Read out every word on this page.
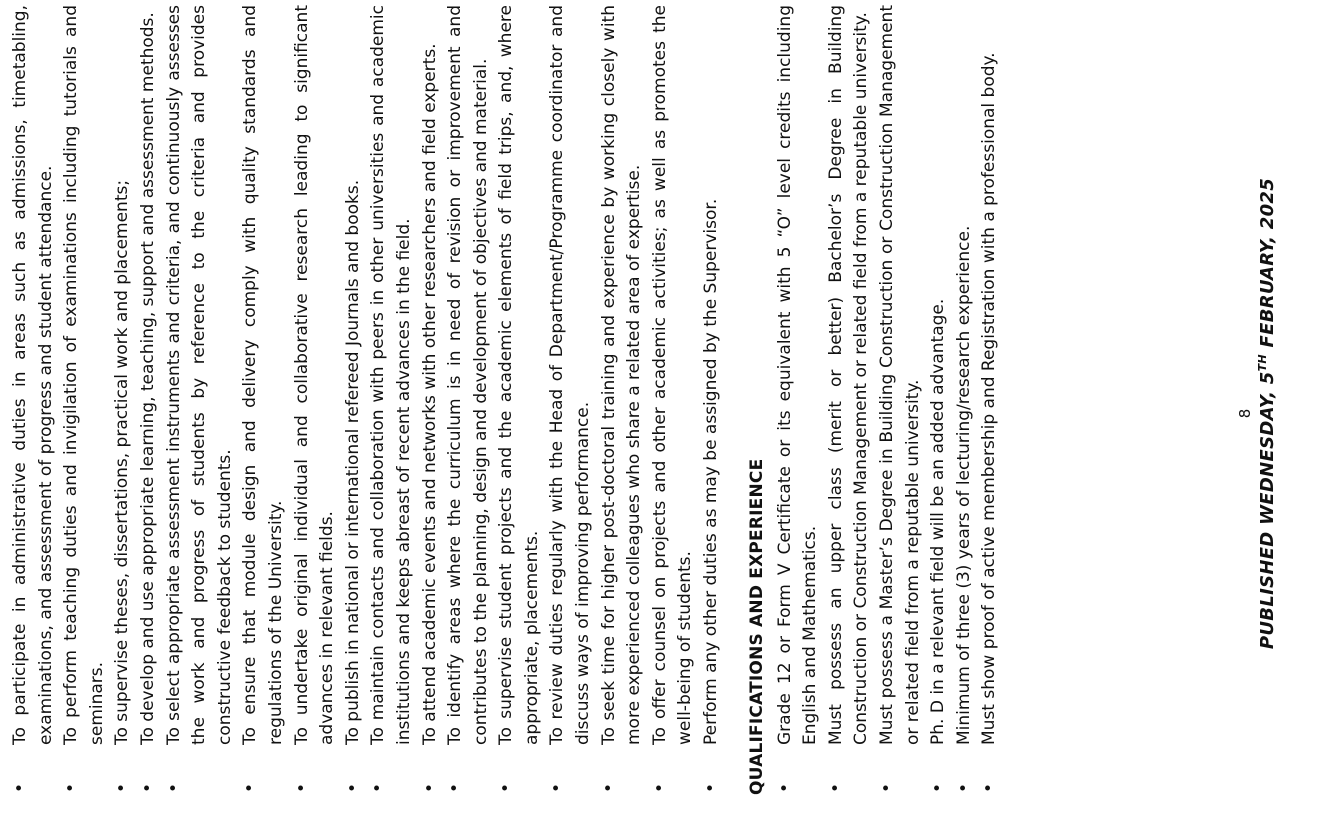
• To participate in administrative duties in areas such as admissions, timetabling, examinations, and assessment of progress and student attendance. • To perform teaching duties and invigilation of examinations including tutorials and seminars. • To supervise theses, dissertations, practical work and placements; • To develop and use appropriate learning, teaching, support and assessment methods. • To select appropriate assessment instruments and criteria, and continuously assesses the work and progress of students by reference to the criteria and provides constructive feedback to students. • To ensure that module design and delivery comply with quality standards and regulations of the University. • To undertake original individual and collaborative research leading to significant advances in relevant fields. • To publish in national or international refereed Journals and books. • To maintain contacts and collaboration with peers in other universities and academic institutions and keeps abreast of recent advances in the field. • To attend academic events and networks with other researchers and field experts. • To identify areas where the curriculum is in need of revision or improvement and contributes to the planning, design and development of objectives and material. • To supervise student projects and the academic elements of field trips, and, where appropriate, placements. • To review duties regularly with the Head of Department/Programme coordinator and discuss ways of improving performance. • To seek time for higher post-doctoral training and experience by working closely with more experienced colleagues who share a related area of expertise. • To offer counsel on projects and other academic activities; as well as promotes the well-being of students. • Perform any other duties as may be assigned by the Supervisor. QUALIFICATIONS AND EXPERIENCE • Grade 12 or Form V Certificate or its equivalent with 5 “O” level credits including English and Mathematics. • Must possess an upper class (merit or better) Bachelor’s Degree in Building Construction or Construction Management or related field from a reputable university. • Must possess a Master’s Degree in Building Construction or Construction Management or related field from a reputable university. • Ph. D in a relevant field will be an added advantage. • Minimum of three (3) years of lecturing/research experience. • Must show proof of active membership and Registration with a professional body.	8 PUBLISHED WEDNESDAY, 5TH FEBRUARY, 2025
